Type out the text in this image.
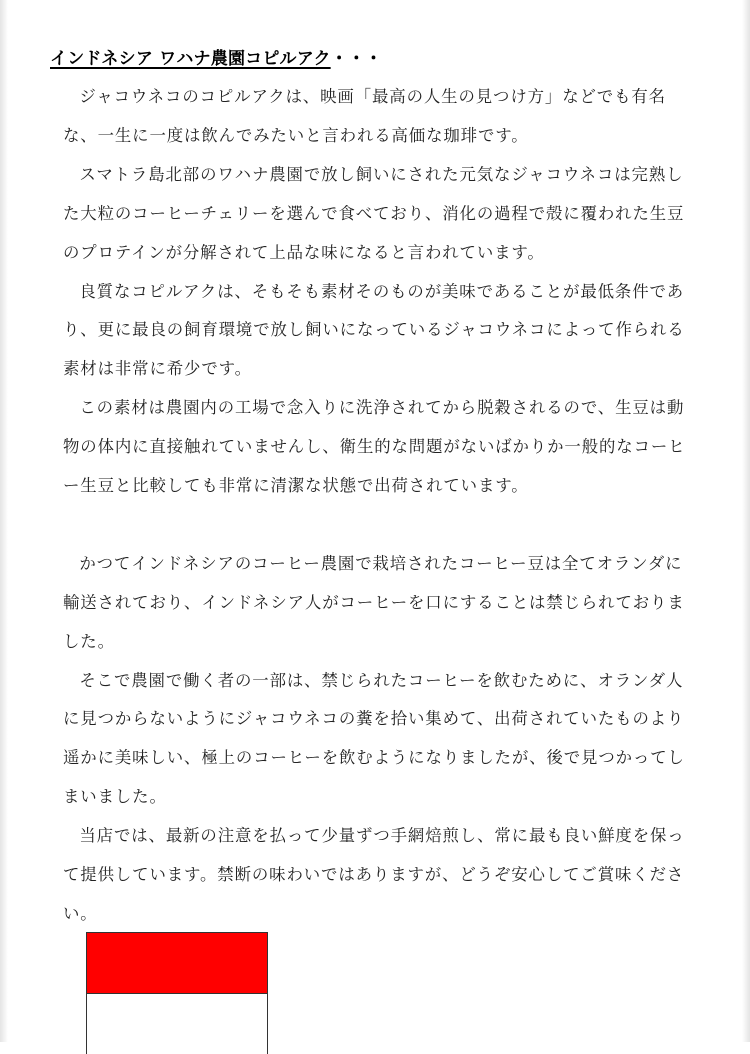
インドネシア ワハナ農園コピルアク・・・

ジャコウネコのコピルアクは、映画「最高の人生の見つけ方」などでも有名な、一生に一度は飲んでみたいと言われる高価な珈琲です。

スマトラ島北部のワハナ農園で放し飼いにされた元気なジャコウネコは完熟した大粒のコーヒーチェリーを選んで食べており、消化の過程で殻に覆われた生豆のプロテインが分解されて上品な味になると言われています。

良質なコピルアクは、そもそも素材そのものが美味であることが最低条件であり、更に最良の飼育環境で放し飼いになっているジャコウネコによって作られる素材は非常に希少です。

この素材は農園内の工場で念入りに洗浄されてから脱穀されるので、生豆は動物の体内に直接触れていませんし、衛生的な問題がないばかりか一般的なコーヒー生豆と比較しても非常に清潔な状態で出荷されています。

かつてインドネシアのコーヒー農園で栽培されたコーヒー豆は全てオランダに輸送されており、インドネシア人がコーヒーを口にすることは禁じられておりました。

そこで農園で働く者の一部は、禁じられたコーヒーを飲むために、オランダ人に見つからないようにジャコウネコの糞を拾い集めて、出荷されていたものより遥かに美味しい、極上のコーヒーを飲むようになりましたが、後で見つかってしまいました。

当店では、最新の注意を払って少量ずつ手網焙煎し、常に最も良い鮮度を保って提供しています。禁断の味わいではありますが、どうぞ安心してご賞味ください。
